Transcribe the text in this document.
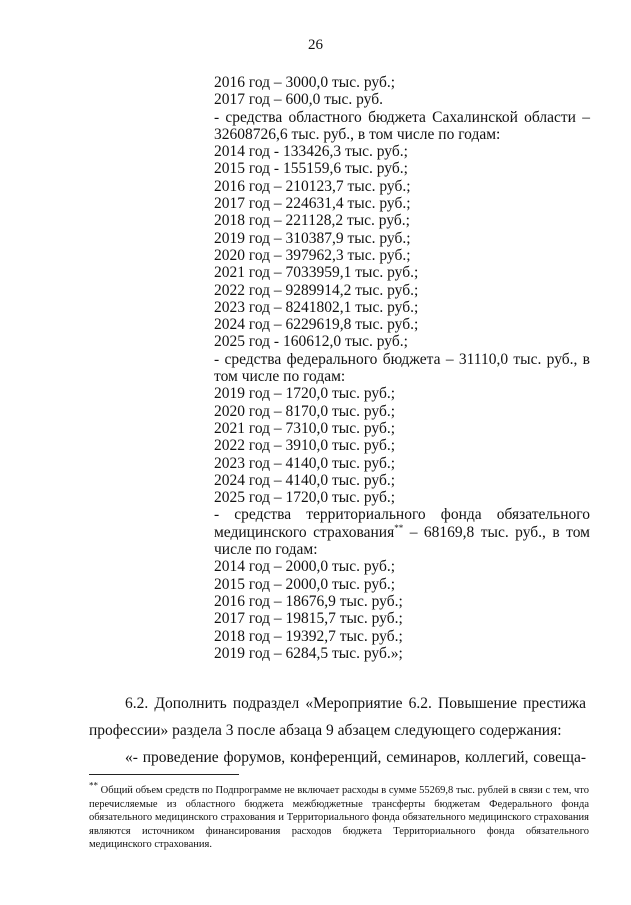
26
2016 год – 3000,0 тыс. руб.;
2017 год – 600,0 тыс. руб.
- средства областного бюджета Сахалинской области – 32608726,6 тыс. руб., в том числе по годам:
2014 год - 133426,3 тыс. руб.;
2015 год - 155159,6 тыс. руб.;
2016 год – 210123,7 тыс. руб.;
2017 год – 224631,4 тыс. руб.;
2018 год – 221128,2 тыс. руб.;
2019 год – 310387,9 тыс. руб.;
2020 год – 397962,3 тыс. руб.;
2021 год – 7033959,1 тыс. руб.;
2022 год – 9289914,2 тыс. руб.;
2023 год – 8241802,1 тыс. руб.;
2024 год – 6229619,8 тыс. руб.;
2025 год - 160612,0 тыс. руб.;
- средства федерального бюджета – 31110,0 тыс. руб., в том числе по годам:
2019 год – 1720,0 тыс. руб.;
2020 год – 8170,0 тыс. руб.;
2021 год – 7310,0 тыс. руб.;
2022 год – 3910,0 тыс. руб.;
2023 год – 4140,0 тыс. руб.;
2024 год – 4140,0 тыс. руб.;
2025 год – 1720,0 тыс. руб.;
- средства территориального фонда обязательного медицинского страхования** – 68169,8 тыс. руб., в том числе по годам:
2014 год – 2000,0 тыс. руб.;
2015 год – 2000,0 тыс. руб.;
2016 год – 18676,9 тыс. руб.;
2017 год – 19815,7 тыс. руб.;
2018 год – 19392,7 тыс. руб.;
2019 год – 6284,5 тыс. руб.»;
6.2. Дополнить подраздел «Мероприятие 6.2. Повышение престижа
профессии» раздела 3 после абзаца 9 абзацем следующего содержания:
«- проведение форумов, конференций, семинаров, коллегий, совеща-
** Общий объем средств по Подпрограмме не включает расходы в сумме 55269,8 тыс. рублей в связи с тем, что перечисляемые из областного бюджета межбюджетные трансферты бюджетам Федерального фонда обязательного медицинского страхования и Территориального фонда обязательного медицинского страхования являются источником финансирования расходов бюджета Территориального фонда обязательного медицинского страхования.
